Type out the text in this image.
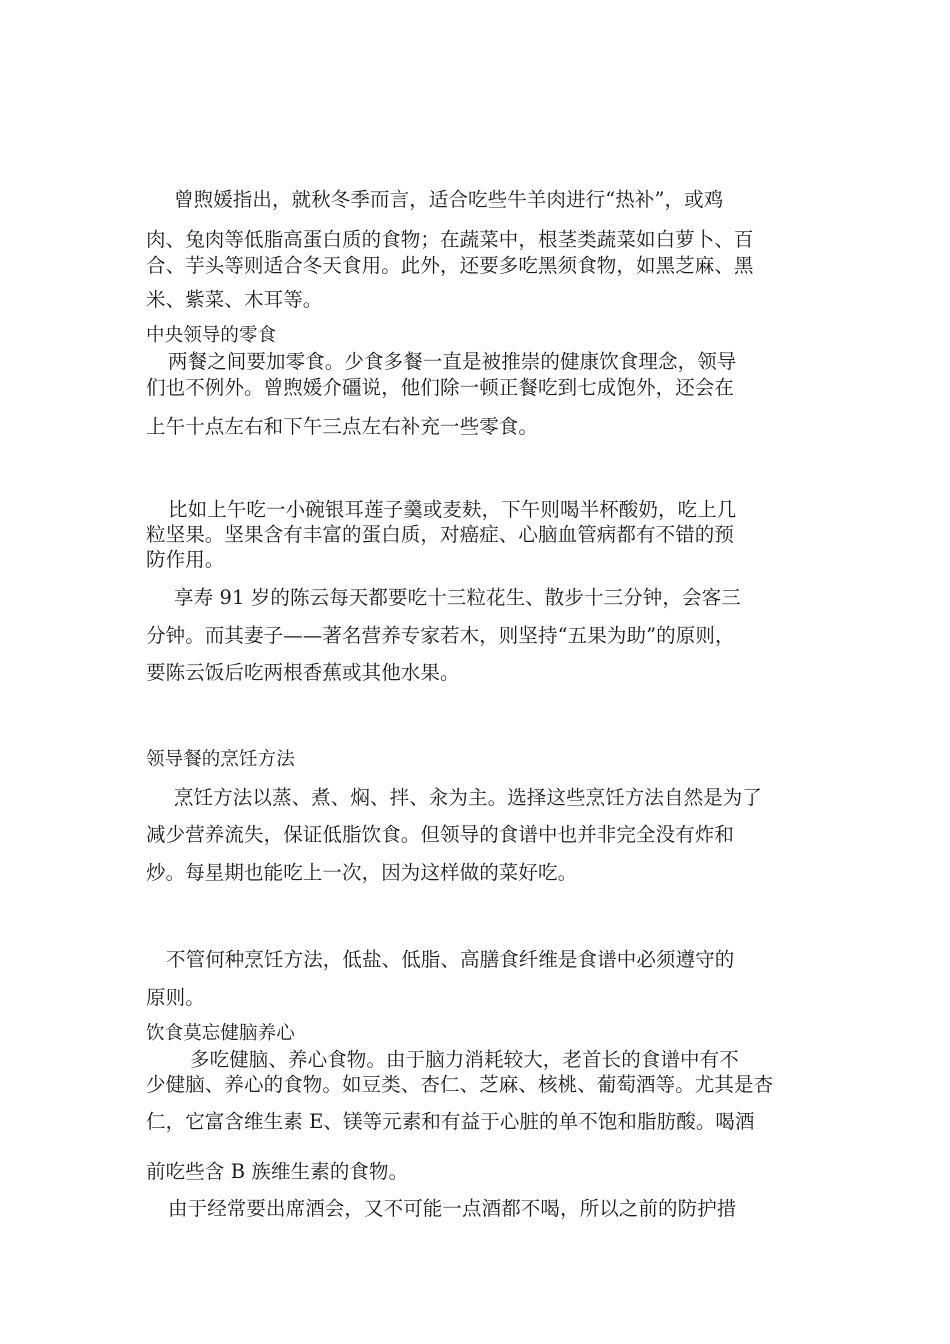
曾煦媛指出，就秋冬季而言，适合吃些牛羊肉进行“热补”，或鸡

肉、兔肉等低脂高蛋白质的食物；在蔬菜中，根茎类蔬菜如白萝卜、百

合、芋头等则适合冬天食用。此外，还要多吃黑须食物，如黑芝麻、黑

米、紫菜、木耳等。

中央领导的零食

两餐之间要加零食。少食多餐一直是被推崇的健康饮食理念，领导

们也不例外。曾煦媛介礓说，他们除一顿正餐吃到七成饱外，还会在

上午十点左右和下午三点左右补充一些零食。

比如上午吃一小碗银耳莲子羹或麦麸，下午则喝半杯酸奶，吃上几

粒坚果。坚果含有丰富的蛋白质，对癌症、心脑血管病都有不错的预

防作用。

享寿 91 岁的陈云每天都要吃十三粒花生、散步十三分钟，会客三

分钟。而其妻子——著名营养专家若木，则坚持“五果为助”的原则，

要陈云饭后吃两根香蕉或其他水果。

领导餐的烹饪方法

烹饪方法以蒸、煮、焖、拌、汆为主。选择这些烹饪方法自然是为了

减少营养流失，保证低脂饮食。但领导的食谱中也并非完全没有炸和

炒。每星期也能吃上一次，因为这样做的菜好吃。

不管何种烹饪方法，低盐、低脂、高膳食纤维是食谱中必须遵守的

原则。

饮食莫忘健脑养心

多吃健脑、养心食物。由于脑力消耗较大，老首长的食谱中有不

少健脑、养心的食物。如豆类、杏仁、芝麻、核桃、葡萄酒等。尤其是杏

仁，它富含维生素 E、镁等元素和有益于心脏的单不饱和脂肪酸。喝酒

前吃些含 B 族维生素的食物。

由于经常要出席酒会，又不可能一点酒都不喝，所以之前的防护措
